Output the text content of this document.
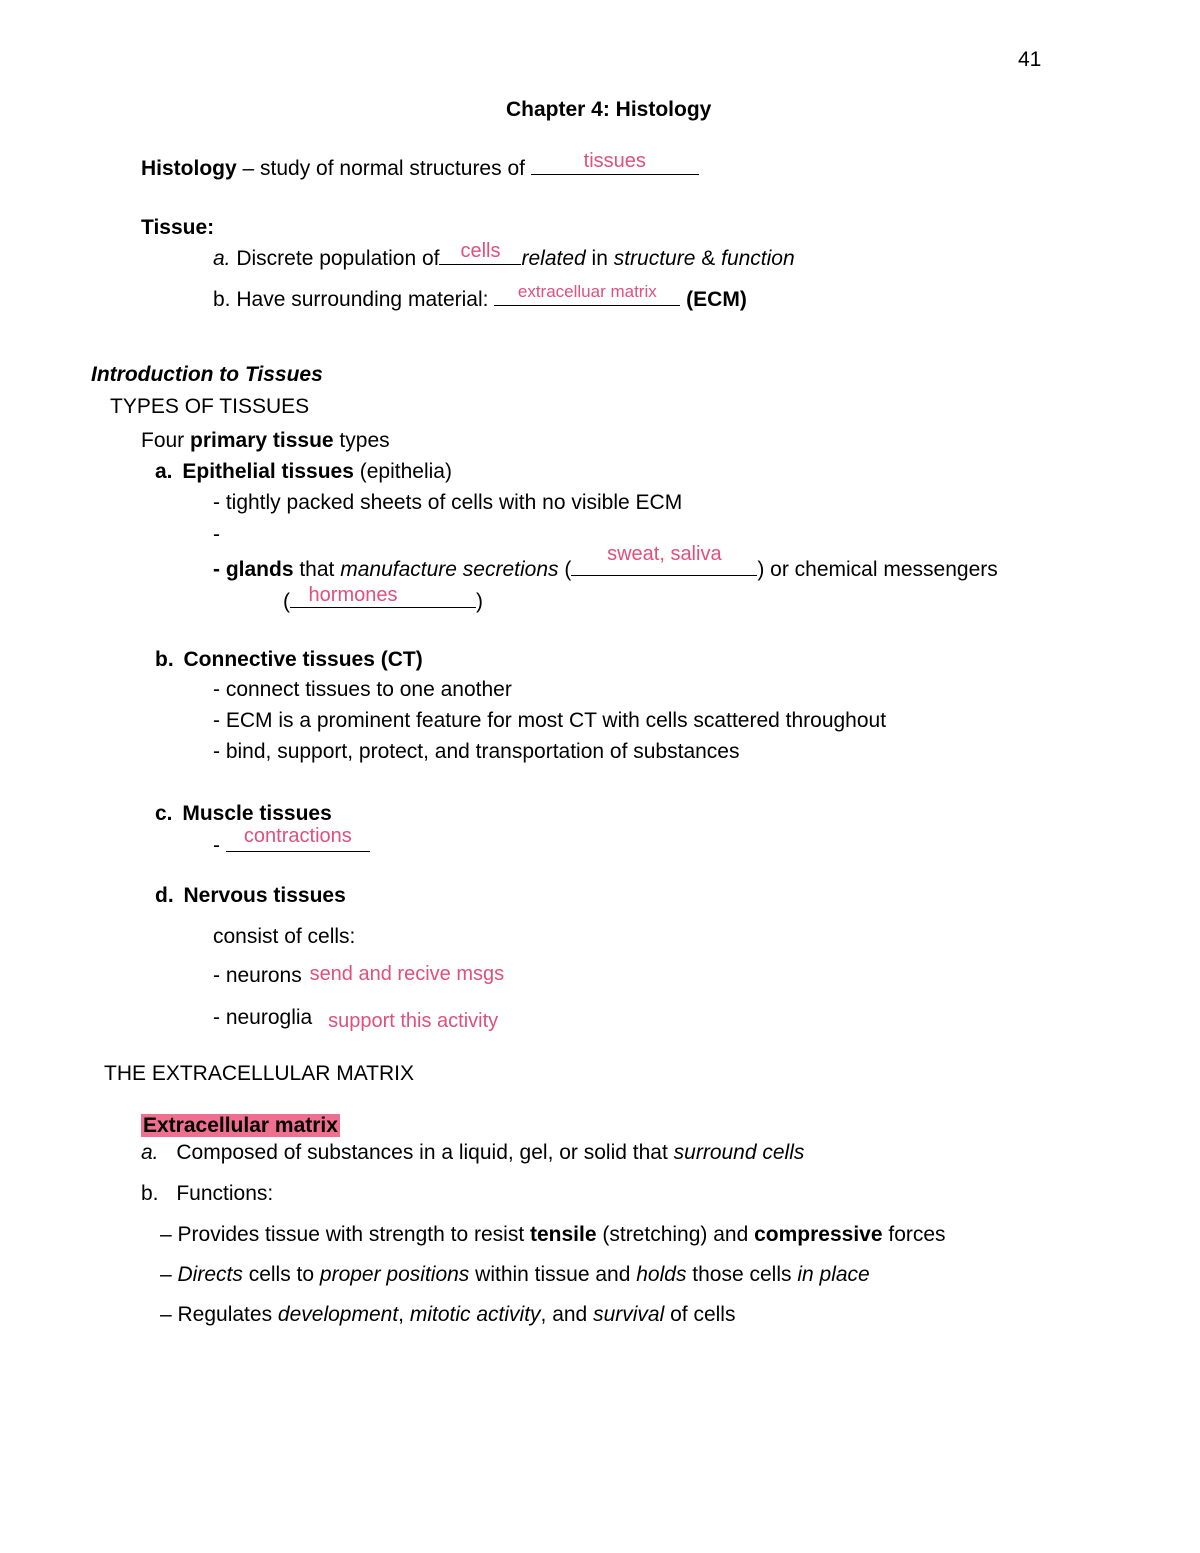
41
Chapter 4: Histology
Histology – study of normal structures of	tissues
Tissue:
a. Discrete population of	cells	related in structure & function
b. Have surrounding material:	extracelluar matrix	(ECM)
Introduction to Tissues
TYPES OF TISSUES
Four primary tissue types
a. Epithelial tissues (epithelia)
- tightly packed sheets of cells with no visible ECM
-
- glands that manufacture secretions (
sweat, saliva
) or chemical messengers
( hormones	)
b. Connective tissues (CT)
- connect tissues to one another
- ECM is a prominent feature for most CT with cells scattered throughout
- bind, support, protect, and transportation of substances
c. Muscle tissues
-	contractions
d. Nervous tissues
consist of cells:
- neurons send and recive msgs
- neuroglia support this activity
THE EXTRACELLULAR MATRIX
Extracellular matrix
a. Composed of substances in a liquid, gel, or solid that surround cells
b. Functions:
– Provides tissue with strength to resist tensile (stretching) and compressive forces
– Directs cells to proper positions within tissue and holds those cells in place
– Regulates development, mitotic activity, and survival of cells
